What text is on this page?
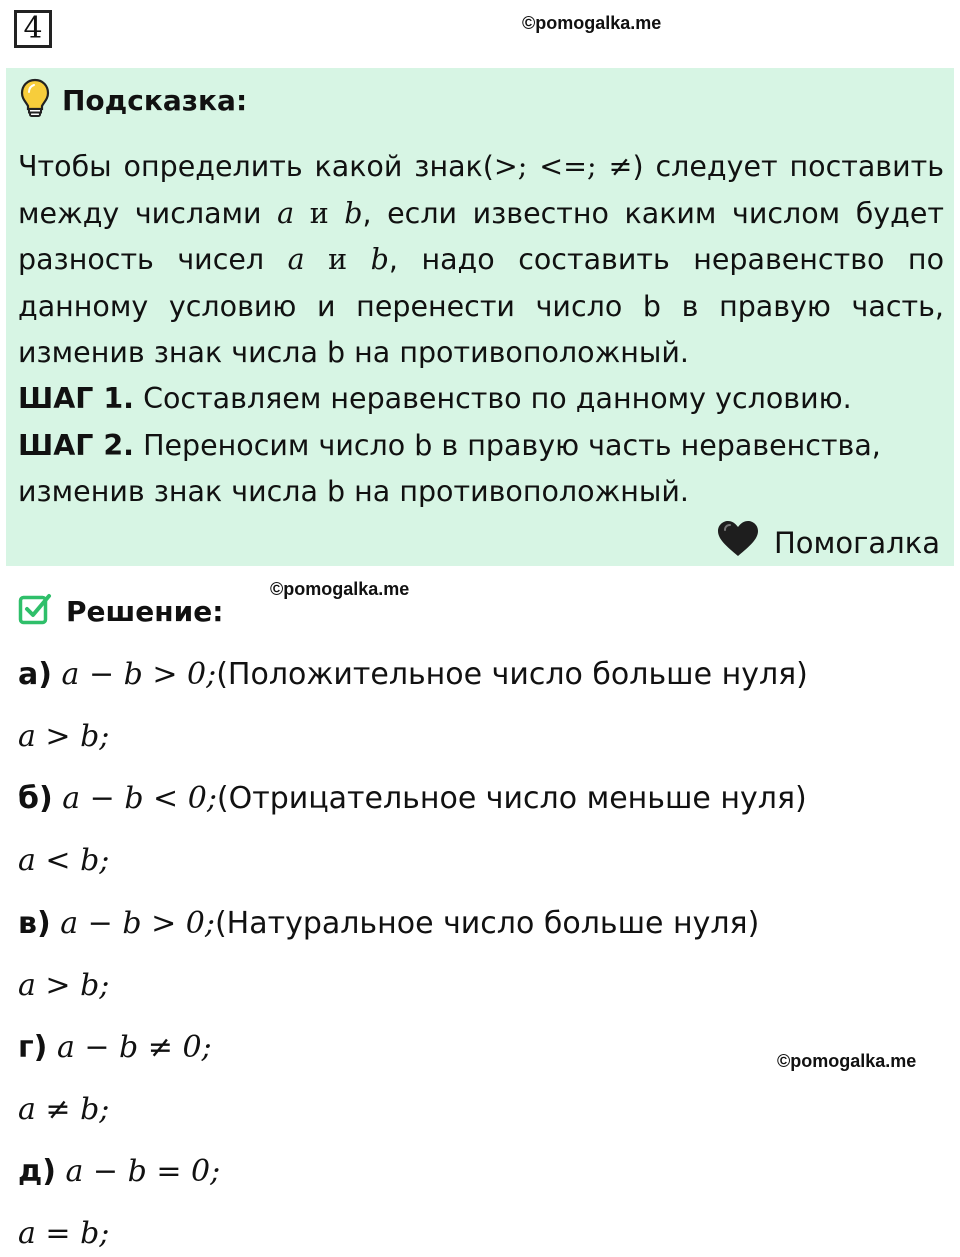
4	©pomogalka.me
Подсказка:

Чтобы определить какой знак(>; <=; ≠) следует поставить между числами a и b, если известно каким числом будет разность чисел a и b, надо составить неравенство по данному условию и перенести число b в правую часть, изменив знак числа b на противоположный.

ШАГ 1. Составляем неравенство по данному условию.

ШАГ 2. Переносим число b в правую часть неравенства, изменив знак числа b на противоположный.

Помогалка
©pomogalka.me
Решение:
а) a − b > 0;(Положительное число больше нуля)
a > b;
б) a − b < 0;(Отрицательное число меньше нуля)
a < b;
в) a − b > 0;(Натуральное число больше нуля)
a > b;
г) a − b ≠ 0;
a ≠ b;
д) a − b = 0;
a = b;
©pomogalka.me
